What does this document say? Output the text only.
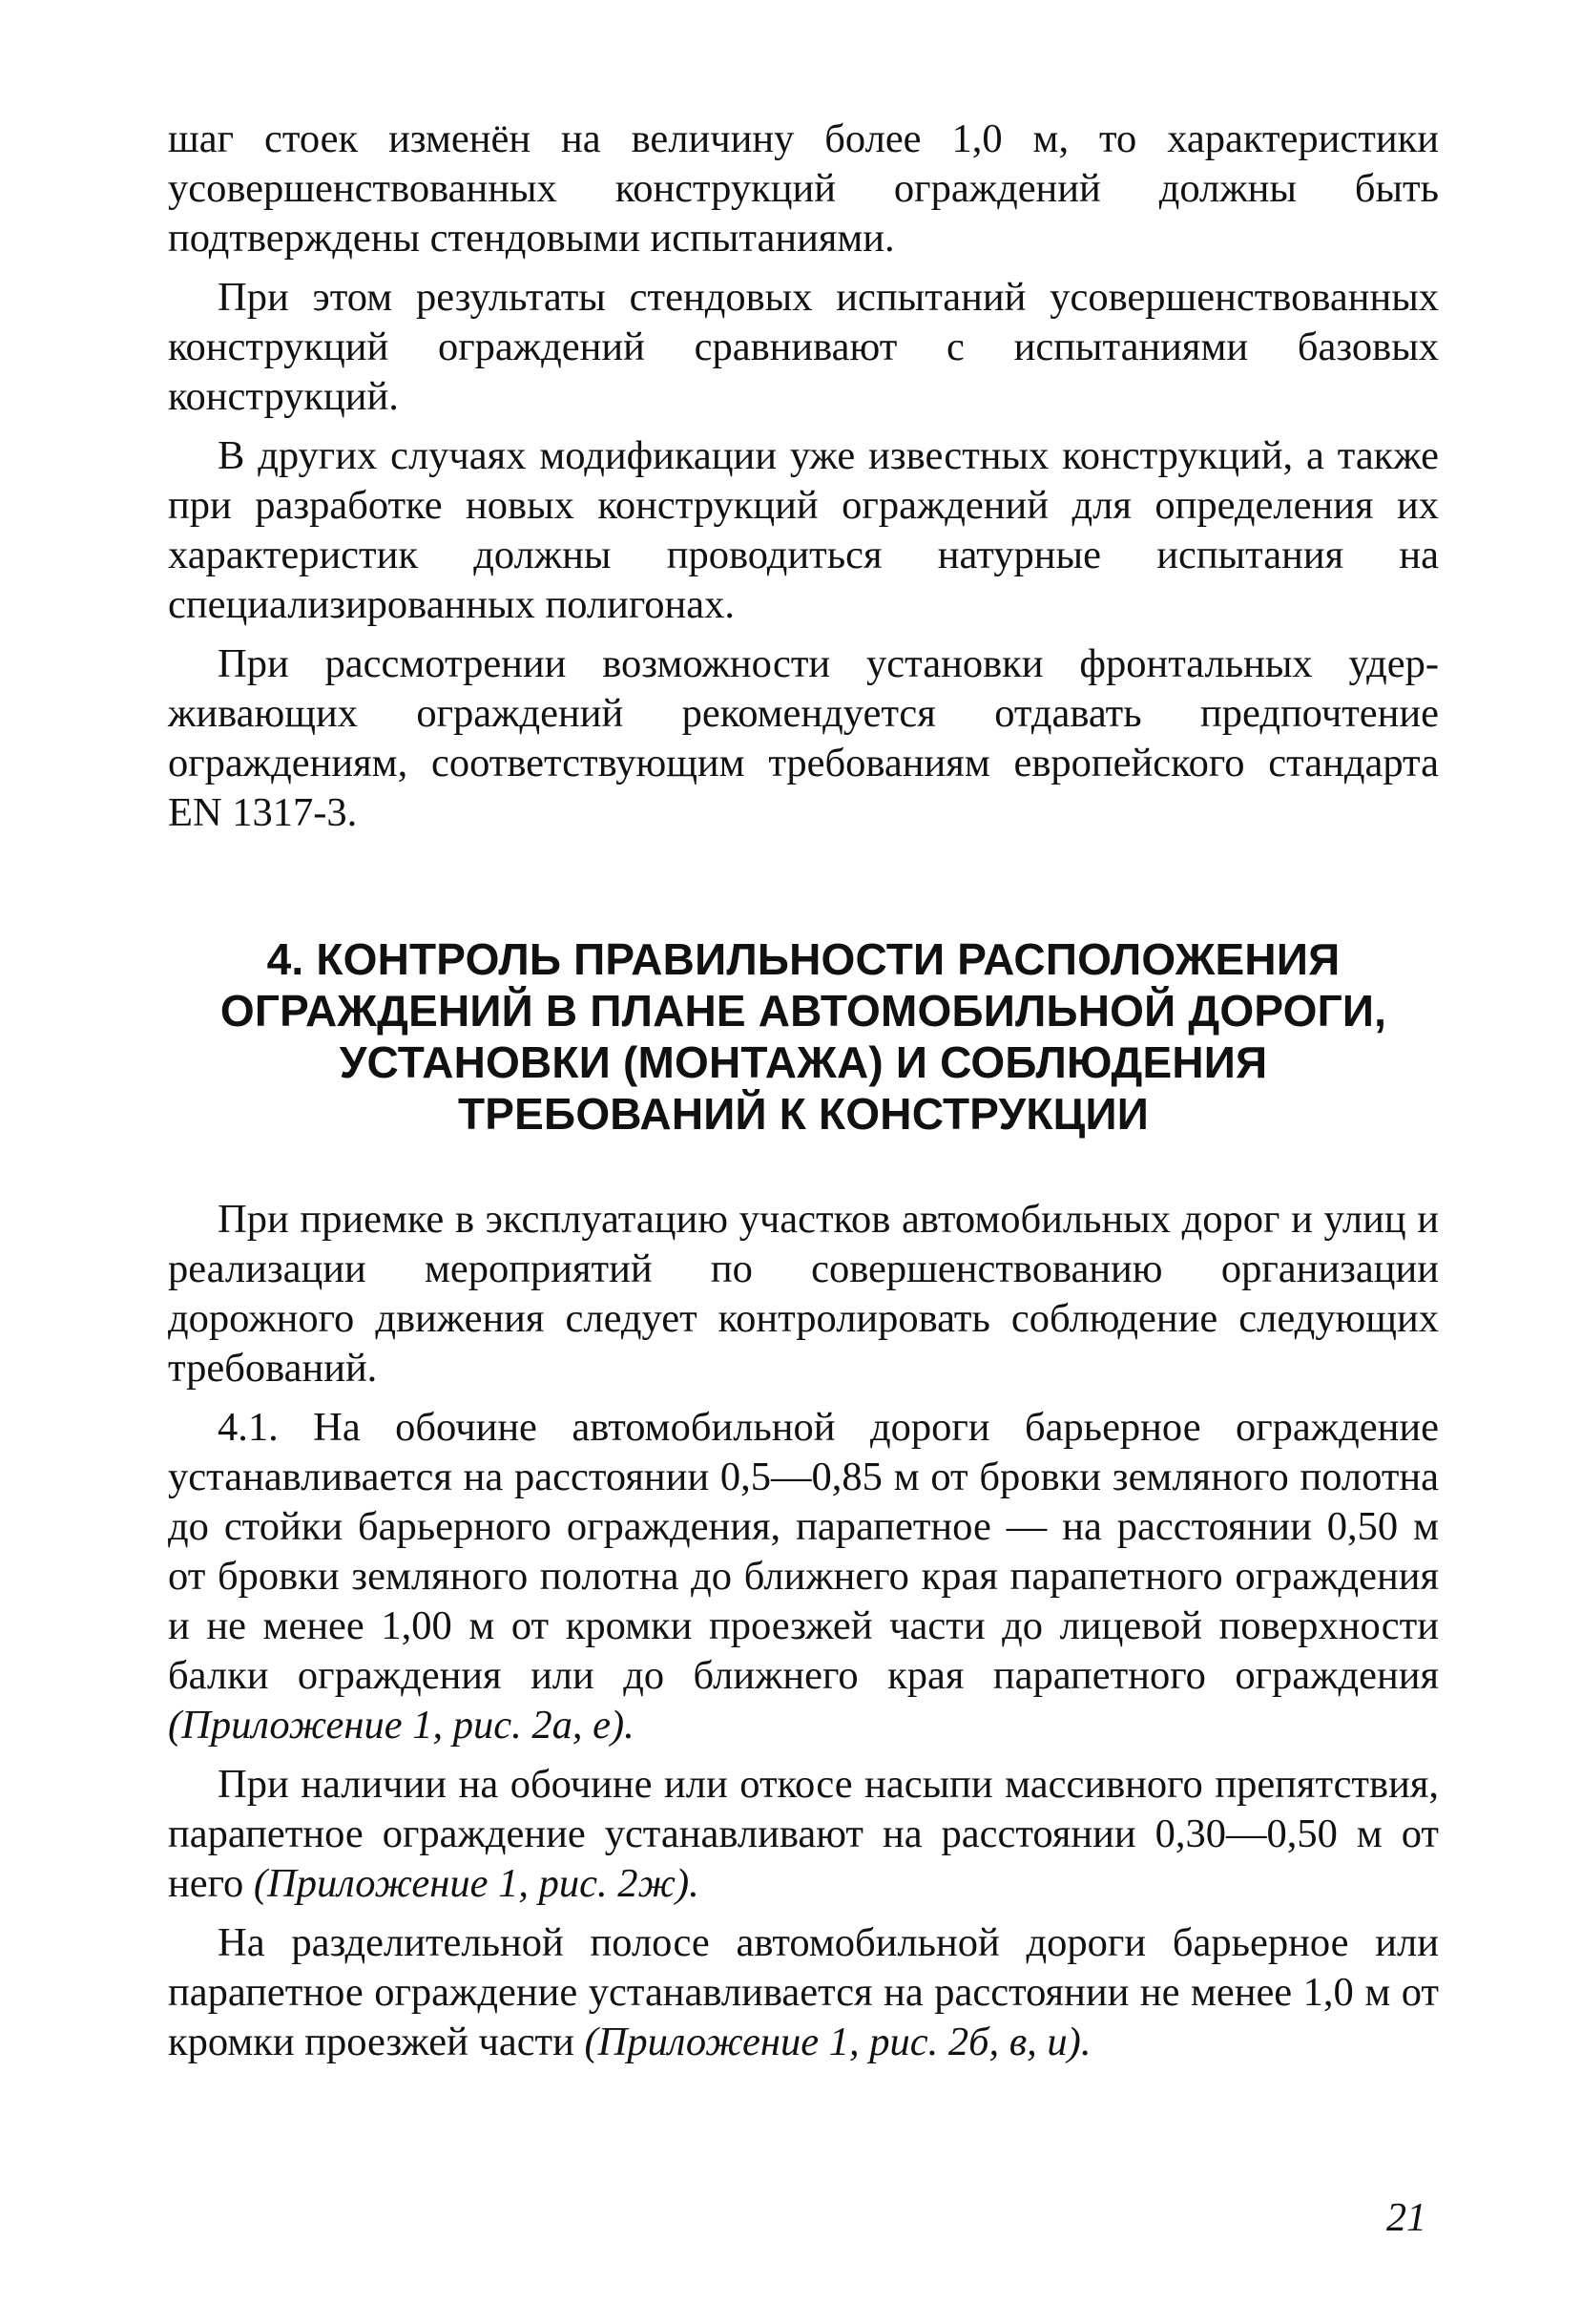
шаг стоек изменён на величину более 1,0 м, то характеристики усовершенствованных конструкций ограждений должны быть подтверждены стендовыми испытаниями.

При этом результаты стендовых испытаний усовершенствованных конструкций ограждений сравнивают с испытаниями базовых конструкций.

В других случаях модификации уже известных конструкций, а также при разработке новых конструкций ограждений для определения их характеристик должны проводиться натурные испытания на специализированных полигонах.

При рассмотрении возможности установки фронтальных удерживающих ограждений рекомендуется отдавать предпочтение ограждениям, соответствующим требованиям европейского стандарта EN 1317-3.

4. КОНТРОЛЬ ПРАВИЛЬНОСТИ РАСПОЛОЖЕНИЯ
ОГРАЖДЕНИЙ В ПЛАНЕ АВТОМОБИЛЬНОЙ ДОРОГИ,
УСТАНОВКИ (МОНТАЖА) И СОБЛЮДЕНИЯ
ТРЕБОВАНИЙ К КОНСТРУКЦИИ

При приемке в эксплуатацию участков автомобильных дорог и улиц и реализации мероприятий по совершенствованию организации дорожного движения следует контролировать соблюдение следующих требований.

4.1. На обочине автомобильной дороги барьерное ограждение устанавливается на расстоянии 0,5—0,85 м от бровки земляного полотна до стойки барьерного ограждения, парапетное — на расстоянии 0,50 м от бровки земляного полотна до ближнего края парапетного ограждения и не менее 1,00 м от кромки проезжей части до лицевой поверхности балки ограждения или до ближнего края парапетного ограждения (Приложение 1, рис. 2а, е).

При наличии на обочине или откосе насыпи массивного препятствия, парапетное ограждение устанавливают на расстоянии 0,30—0,50 м от него (Приложение 1, рис. 2ж).

На разделительной полосе автомобильной дороги барьерное или парапетное ограждение устанавливается на расстоянии не менее 1,0 м от кромки проезжей части (Приложение 1, рис. 2б, в, и).

21
